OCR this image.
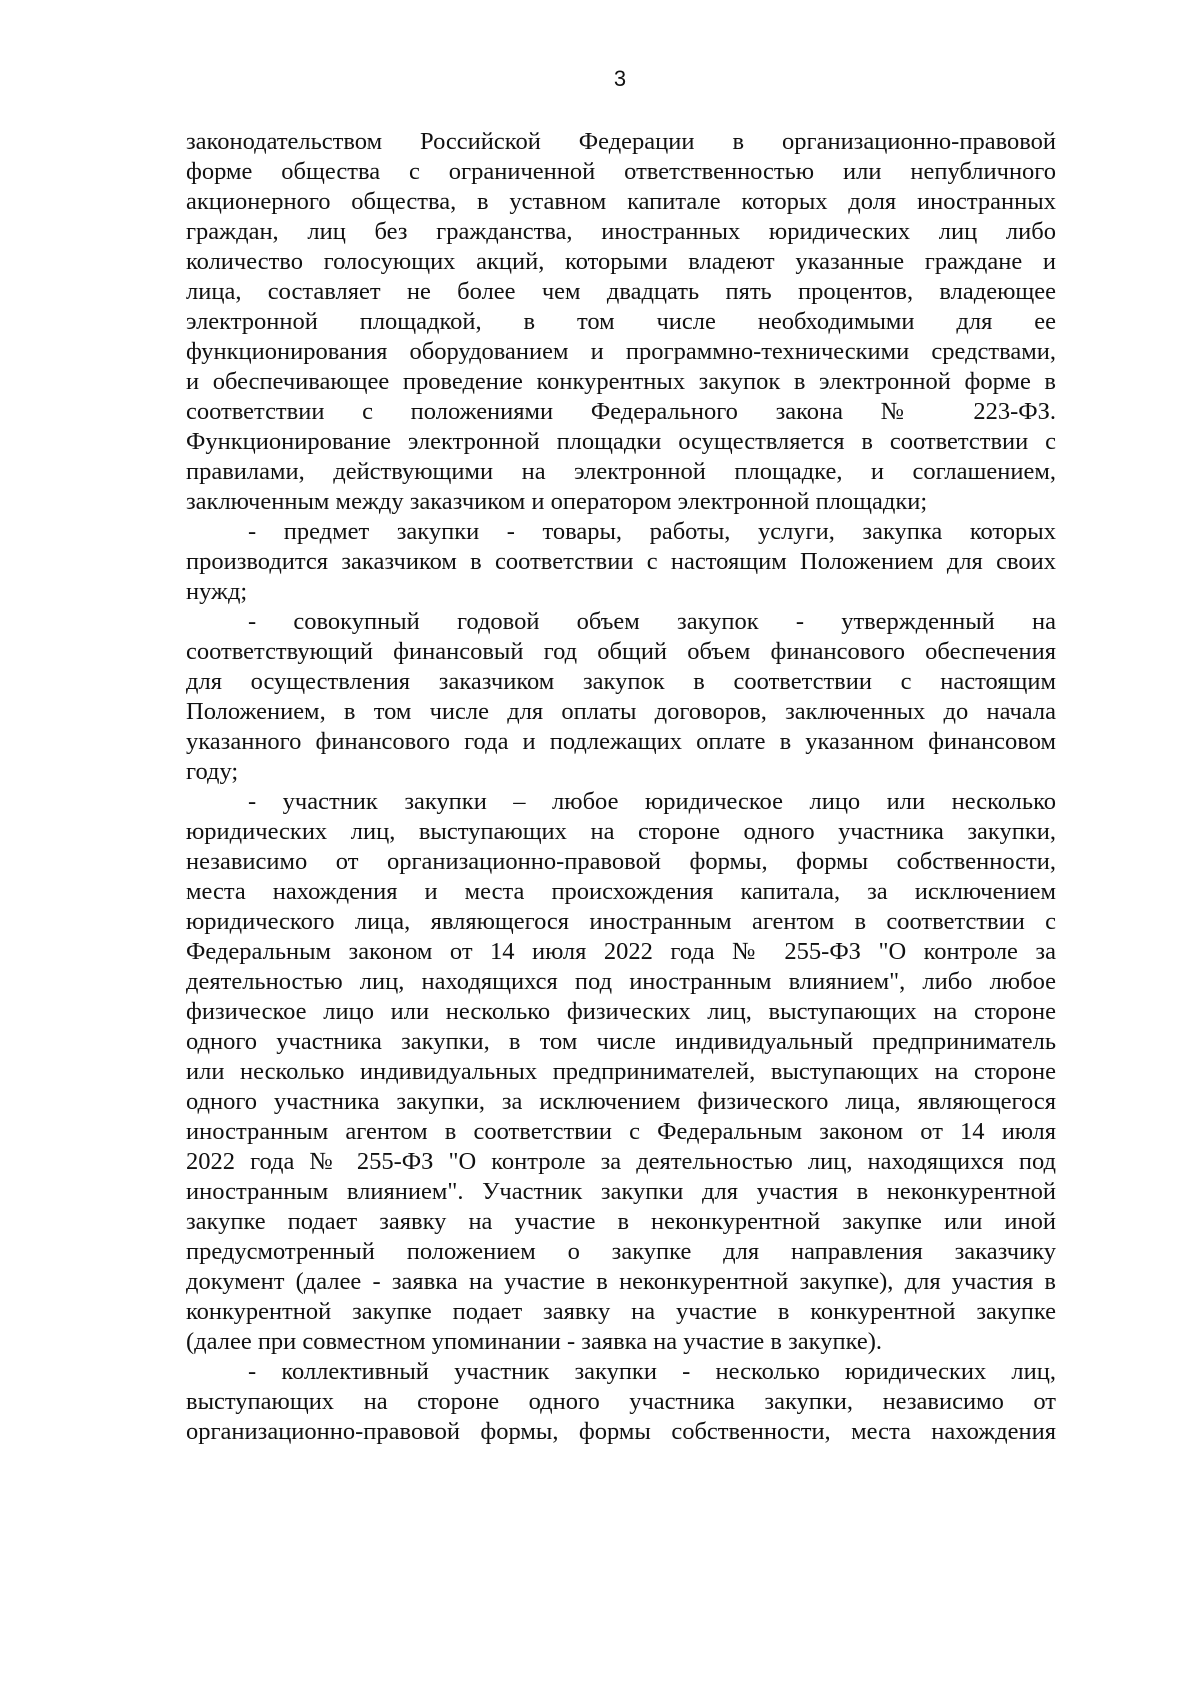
3
законодательством Российской Федерации в организационно-правовой
форме общества с ограниченной ответственностью или непубличного
акционерного общества, в уставном капитале которых доля иностранных
граждан, лиц без гражданства, иностранных юридических лиц либо
количество голосующих акций, которыми владеют указанные граждане и
лица, составляет не более чем двадцать пять процентов, владеющее
электронной площадкой, в том числе необходимыми для ее
функционирования оборудованием и программно-техническими средствами,
и обеспечивающее проведение конкурентных закупок в электронной форме в
соответствии с положениями Федерального закона № 223-ФЗ.
Функционирование электронной площадки осуществляется в соответствии с
правилами, действующими на электронной площадке, и соглашением,
заключенным между заказчиком и оператором электронной площадки;
- предмет закупки - товары, работы, услуги, закупка которых
производится заказчиком в соответствии с настоящим Положением для своих
нужд;
- совокупный годовой объем закупок - утвержденный на
соответствующий финансовый год общий объем финансового обеспечения
для осуществления заказчиком закупок в соответствии с настоящим
Положением, в том числе для оплаты договоров, заключенных до начала
указанного финансового года и подлежащих оплате в указанном финансовом
году;
- участник закупки – любое юридическое лицо или несколько
юридических лиц, выступающих на стороне одного участника закупки,
независимо от организационно-правовой формы, формы собственности,
места нахождения и места происхождения капитала, за исключением
юридического лица, являющегося иностранным агентом в соответствии с
Федеральным законом от 14 июля 2022 года № 255-ФЗ "О контроле за
деятельностью лиц, находящихся под иностранным влиянием", либо любое
физическое лицо или несколько физических лиц, выступающих на стороне
одного участника закупки, в том числе индивидуальный предприниматель
или несколько индивидуальных предпринимателей, выступающих на стороне
одного участника закупки, за исключением физического лица, являющегося
иностранным агентом в соответствии с Федеральным законом от 14 июля
2022 года № 255-ФЗ "О контроле за деятельностью лиц, находящихся под
иностранным влиянием". Участник закупки для участия в неконкурентной
закупке подает заявку на участие в неконкурентной закупке или иной
предусмотренный положением о закупке для направления заказчику
документ (далее - заявка на участие в неконкурентной закупке), для участия в
конкурентной закупке подает заявку на участие в конкурентной закупке
(далее при совместном упоминании - заявка на участие в закупке).
- коллективный участник закупки - несколько юридических лиц,
выступающих на стороне одного участника закупки, независимо от
организационно-правовой формы, формы собственности, места нахождения
